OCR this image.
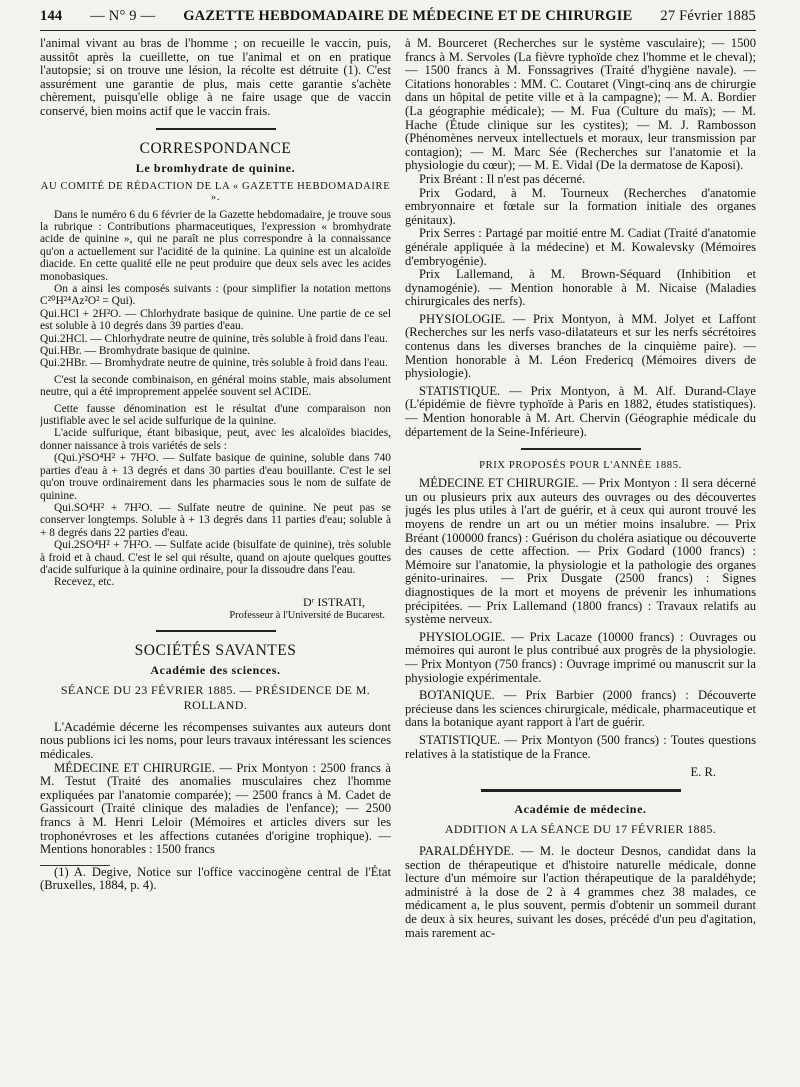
144 — N° 9 — GAZETTE HEBDOMADAIRE DE MÉDECINE ET DE CHIRURGIE 27 Février 1885

l'animal vivant au bras de l'homme ; on recueille le vaccin, puis, aussitôt après la cueillette, on tue l'animal et on en pratique l'autopsie; si on trouve une lésion, la récolte est détruite (1). C'est assurément une garantie de plus, mais cette garantie s'achète chèrement, puisqu'elle oblige à ne faire usage que de vaccin conservé, bien moins actif que le vaccin frais.

CORRESPONDANCE
Le bromhydrate de quinine.
AU COMITÉ DE RÉDACTION DE LA « GAZETTE HEBDOMADAIRE ».

Dans le numéro 6 du 6 février de la Gazette hebdomadaire, je trouve sous la rubrique : Contributions pharmaceutiques, l'expression « bromhydrate acide de quinine », qui ne paraît ne plus correspondre à la connaissance qu'on a actuellement sur l'acidité de la quinine. La quinine est un alcaloïde diacide. En cette qualité elle ne peut produire que deux sels avec les acides monobasiques.

On a ainsi les composés suivants : (pour simplifier la notation mettons C²⁰H²⁴Az²O² = Qui).

Qui.HCl + 2H²O. — Chlorhydrate basique de quinine. Une partie de ce sel est soluble à 10 degrés dans 39 parties d'eau.

Qui.2HCl. — Chlorhydrate neutre de quinine, très soluble à froid dans l'eau.

Qui.HBr. — Bromhydrate basique de quinine.

Qui.2HBr. — Bromhydrate neutre de quinine, très soluble à froid dans l'eau.

C'est la seconde combinaison, en général moins stable, mais absolument neutre, qui a été improprement appelée souvent sel ACIDE.

Cette fausse dénomination est le résultat d'une comparaison non justifiable avec le sel acide sulfurique de la quinine.

L'acide sulfurique, étant bibasique, peut, avec les alcaloïdes biacides, donner naissance à trois variétés de sels :

(Qui.)²SO⁴H² + 7H²O. — Sulfate basique de quinine, soluble dans 740 parties d'eau à + 13 degrés et dans 30 parties d'eau bouillante. C'est le sel qu'on trouve ordinairement dans les pharmacies sous le nom de sulfate de quinine.

Qui.SO⁴H² + 7H²O. — Sulfate neutre de quinine. Ne peut pas se conserver longtemps. Soluble à + 13 degrés dans 11 parties d'eau; soluble à + 8 degrés dans 22 parties d'eau.

Qui.2SO⁴H² + 7H²O. — Sulfate acide (bisulfate de quinine), très soluble à froid et à chaud. C'est le sel qui résulte, quand on ajoute quelques gouttes d'acide sulfurique à la quinine ordinaire, pour la dissoudre dans l'eau.

Recevez, etc.

Dʳ ISTRATI,
Professeur à l'Université de Bucarest.
SOCIÉTÉS SAVANTES
Académie des sciences.
SÉANCE DU 23 FÉVRIER 1885. — PRÉSIDENCE DE M. ROLLAND.

L'Académie décerne les récompenses suivantes aux auteurs dont nous publions ici les noms, pour leurs travaux intéressant les sciences médicales.

MÉDECINE ET CHIRURGIE. — Prix Montyon : 2500 francs à M. Testut (Traité des anomalies musculaires chez l'homme expliquées par l'anatomie comparée); — 2500 francs à M. Cadet de Gassicourt (Traité clinique des maladies de l'enfance); — 2500 francs à M. Henri Leloir (Mémoires et articles divers sur les trophonévroses et les affections cutanées d'origine trophique). — Mentions honorables : 1500 francs

(1) A. Degive, Notice sur l'office vaccinogène central de l'État (Bruxelles, 1884, p. 4).

à M. Bourceret (Recherches sur le système vasculaire); — 1500 francs à M. Servoles (La fièvre typhoïde chez l'homme et le cheval); — 1500 francs à M. Fonssagrives (Traité d'hygiène navale). — Citations honorables : MM. C. Coutaret (Vingt-cinq ans de chirurgie dans un hôpital de petite ville et à la campagne); — M. A. Bordier (La géographie médicale); — M. Fua (Culture du maïs); — M. Hache (Étude clinique sur les cystites); — M. J. Rambosson (Phénomènes nerveux intellectuels et moraux, leur transmission par contagion); — M. Marc Sée (Recherches sur l'anatomie et la physiologie du cœur); — M. E. Vidal (De la dermatose de Kaposi).

Prix Bréant : Il n'est pas décerné.

Prix Godard, à M. Tourneux (Recherches d'anatomie embryonnaire et fœtale sur la formation initiale des organes génitaux).

Prix Serres : Partagé par moitié entre M. Cadiat (Traité d'anatomie générale appliquée à la médecine) et M. Kowalevsky (Mémoires d'embryogénie).

Prix Lallemand, à M. Brown-Séquard (Inhibition et dynamogénie). — Mention honorable à M. Nicaise (Maladies chirurgicales des nerfs).

PHYSIOLOGIE. — Prix Montyon, à MM. Jolyet et Laffont (Recherches sur les nerfs vaso-dilatateurs et sur les nerfs sécrétoires contenus dans les diverses branches de la cinquième paire). — Mention honorable à M. Léon Fredericq (Mémoires divers de physiologie).

STATISTIQUE. — Prix Montyon, à M. Alf. Durand-Claye (L'épidémie de fièvre typhoïde à Paris en 1882, études statistiques). — Mention honorable à M. Art. Chervin (Géographie médicale du département de la Seine-Inférieure).

PRIX PROPOSÉS POUR L'ANNÉE 1885.

MÉDECINE ET CHIRURGIE. — Prix Montyon : Il sera décerné un ou plusieurs prix aux auteurs des ouvrages ou des découvertes jugés les plus utiles à l'art de guérir, et à ceux qui auront trouvé les moyens de rendre un art ou un métier moins insalubre. — Prix Bréant (100000 francs) : Guérison du choléra asiatique ou découverte des causes de cette affection. — Prix Godard (1000 francs) : Mémoire sur l'anatomie, la physiologie et la pathologie des organes génito-urinaires. — Prix Dusgate (2500 francs) : Signes diagnostiques de la mort et moyens de prévenir les inhumations précipitées. — Prix Lallemand (1800 francs) : Travaux relatifs au système nerveux.

PHYSIOLOGIE. — Prix Lacaze (10000 francs) : Ouvrages ou mémoires qui auront le plus contribué aux progrès de la physiologie. — Prix Montyon (750 francs) : Ouvrage imprimé ou manuscrit sur la physiologie expérimentale.

BOTANIQUE. — Prix Barbier (2000 francs) : Découverte précieuse dans les sciences chirurgicale, médicale, pharmaceutique et dans la botanique ayant rapport à l'art de guérir.

STATISTIQUE. — Prix Montyon (500 francs) : Toutes questions relatives à la statistique de la France.

E. R.
Académie de médecine.
ADDITION A LA SÉANCE DU 17 FÉVRIER 1885.

PARALDÉHYDE. — M. le docteur Desnos, candidat dans la section de thérapeutique et d'histoire naturelle médicale, donne lecture d'un mémoire sur l'action thérapeutique de la paraldéhyde; administré à la dose de 2 à 4 grammes chez 38 malades, ce médicament a, le plus souvent, permis d'obtenir un sommeil durant de deux à six heures, suivant les doses, précédé d'un peu d'agitation, mais rarement ac-
